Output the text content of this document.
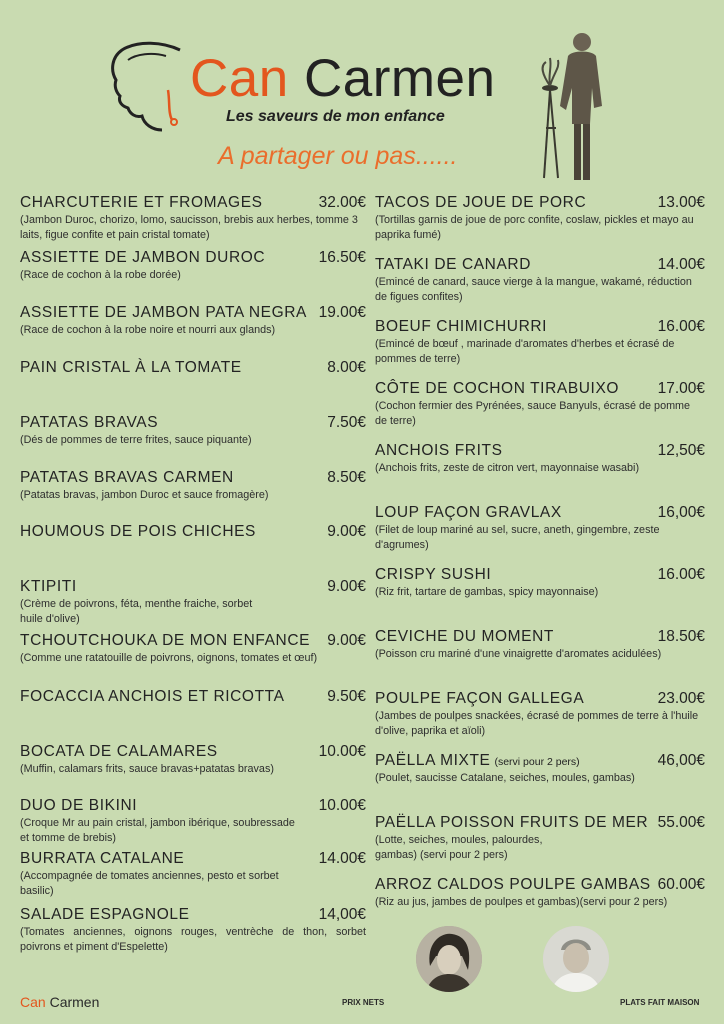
Can Carmen
Les saveurs de mon enfance
A partager ou pas......
CHARCUTERIE ET FROMAGES	32.00€
(Jambon Duroc, chorizo, lomo, saucisson, brebis aux herbes, tomme 3 laits, figue confite et pain cristal tomate)
ASSIETTE DE JAMBON DUROC	16.50€
(Race de cochon à la robe dorée)
ASSIETTE DE JAMBON PATA NEGRA 19.00€
(Race de cochon à la robe noire et nourri aux glands)
PAIN CRISTAL À LA TOMATE	8.00€
PATATAS BRAVAS	7.50€
(Dés de pommes de terre frites, sauce piquante)
PATATAS BRAVAS CARMEN	8.50€
(Patatas bravas, jambon Duroc et sauce fromagère)
HOUMOUS DE POIS CHICHES	9.00€
KTIPITI	9.00€
(Crème de poivrons, féta, menthe fraiche, sorbet huile d'olive)
TCHOUTCHOUKA DE MON ENFANCE 9.00€
(Comme une ratatouille de poivrons, oignons, tomates et œuf)
FOCACCIA ANCHOIS ET RICOTTA	9.50€
BOCATA DE CALAMARES	10.00€
(Muffin, calamars frits, sauce bravas+patatas bravas)
DUO DE BIKINI	10.00€
(Croque Mr au pain cristal, jambon ibérique, soubressade et tomme de brebis)
BURRATA CATALANE	14.00€
(Accompagnée de tomates anciennes, pesto et sorbet basilic)
SALADE ESPAGNOLE	14,00€
(Tomates anciennes, oignons rouges, ventrèche de thon, sorbet poivrons et piment d'Espelette)
TACOS DE JOUE DE PORC	13.00€
(Tortillas garnis de joue de porc confite, coslaw, pickles et mayo au paprika fumé)
TATAKI DE CANARD	14.00€
(Emincé de canard, sauce vierge à la mangue, wakamé, réduction de figues confites)
BOEUF CHIMICHURRI	16.00€
(Emincé de bœuf , marinade d'aromates d'herbes et écrasé de pommes de terre)
CÔTE DE COCHON TIRABUIXO 17.00€
(Cochon fermier des Pyrénées, sauce Banyuls, écrasé de pomme de terre)
ANCHOIS FRITS	12,50€
(Anchois frits, zeste de citron vert, mayonnaise wasabi)
LOUP FAÇON GRAVLAX	16,00€
(Filet de loup mariné au sel, sucre, aneth, gingembre, zeste d'agrumes)
CRISPY SUSHI	16.00€
(Riz frit, tartare de gambas, spicy mayonnaise)
CEVICHE DU MOMENT	18.50€
(Poisson cru mariné d'une vinaigrette d'aromates acidulées)
POULPE FAÇON GALLEGA	23.00€
(Jambes de poulpes snackées, écrasé de pommes de terre à l'huile d'olive, paprika et aïoli)
PAËLLA MIXTE (servi pour 2 pers)	46,00€
(Poulet, saucisse Catalane, seiches, moules, gambas)
PAËLLA POISSON FRUITS DE MER 55.00€
(Lotte, seiches, moules, palourdes, gambas) (servi pour 2 pers)
ARROZ CALDOS POULPE GAMBAS 60.00€
(Riz au jus, jambes de poulpes et gambas)(servi pour 2 pers)
Can Carmen	PRIX NETS	PLATS FAIT MAISON
